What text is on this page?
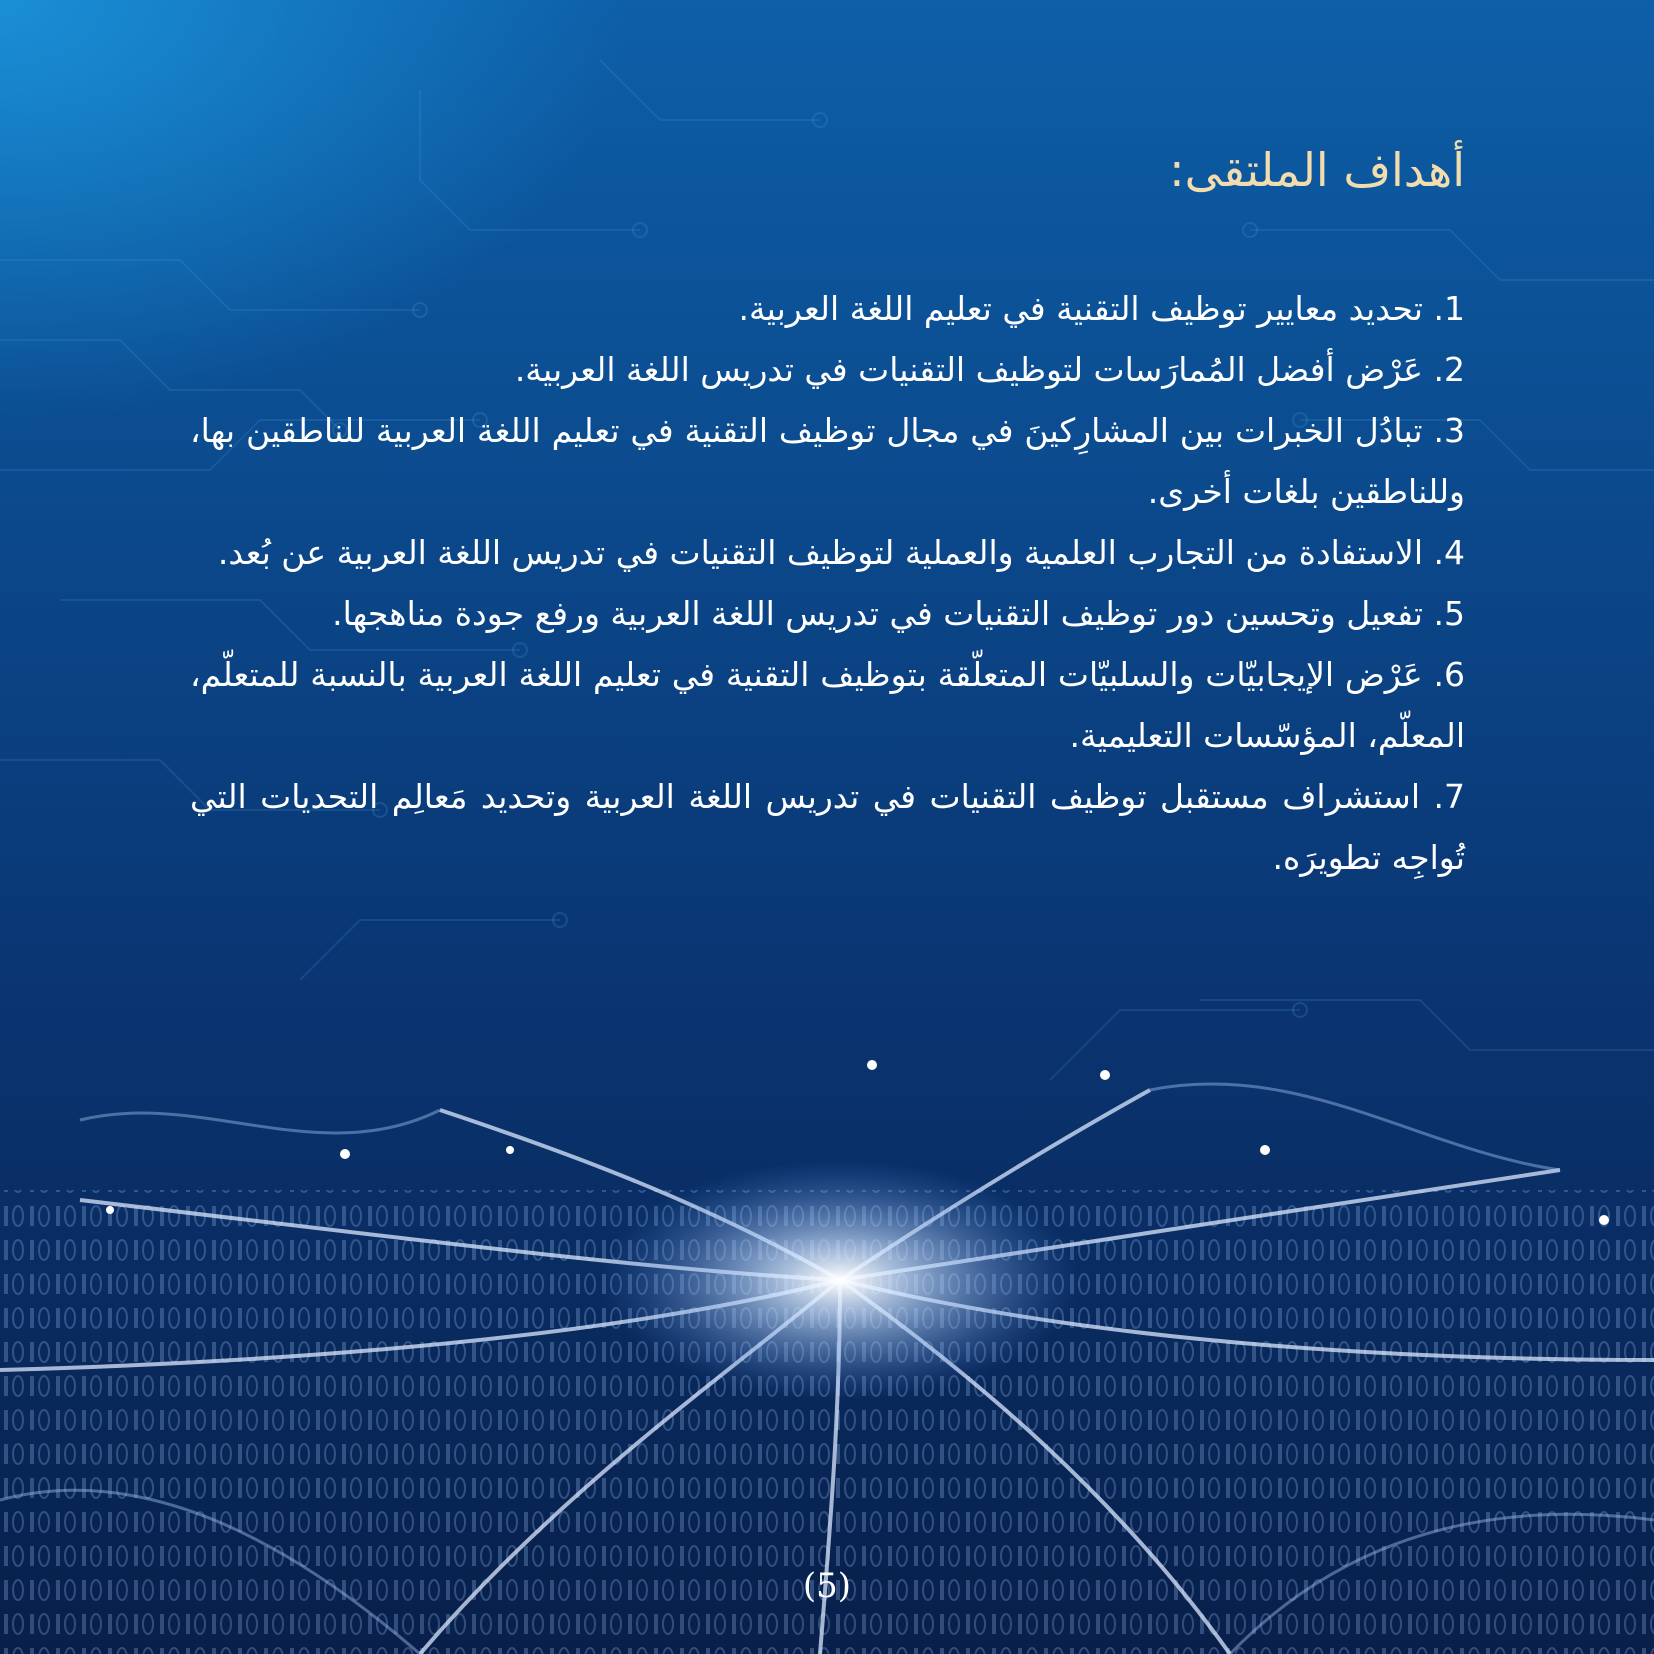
أهداف الملتقى:
1. تحديد معايير توظيف التقنية في تعليم اللغة العربية.
2. عَرْض أفضل المُمارَسات لتوظيف التقنيات في تدريس اللغة العربية.
3. تبادُل الخبرات بين المشارِكينَ في مجال توظيف التقنية في تعليم اللغة العربية للناطقين بها، وللناطقين بلغات أخرى.
4. الاستفادة من التجارب العلمية والعملية لتوظيف التقنيات في تدريس اللغة العربية عن بُعد.
5. تفعيل وتحسين دور توظيف التقنيات في تدريس اللغة العربية ورفع جودة مناهجها.
6. عَرْض الإيجابيّات والسلبيّات المتعلّقة بتوظيف التقنية في تعليم اللغة العربية بالنسبة للمتعلّم، المعلّم، المؤسّسات التعليمية.
7. استشراف مستقبل توظيف التقنيات في تدريس اللغة العربية وتحديد مَعالِم التحديات التي تُواجِه تطويرَه.
(5)
